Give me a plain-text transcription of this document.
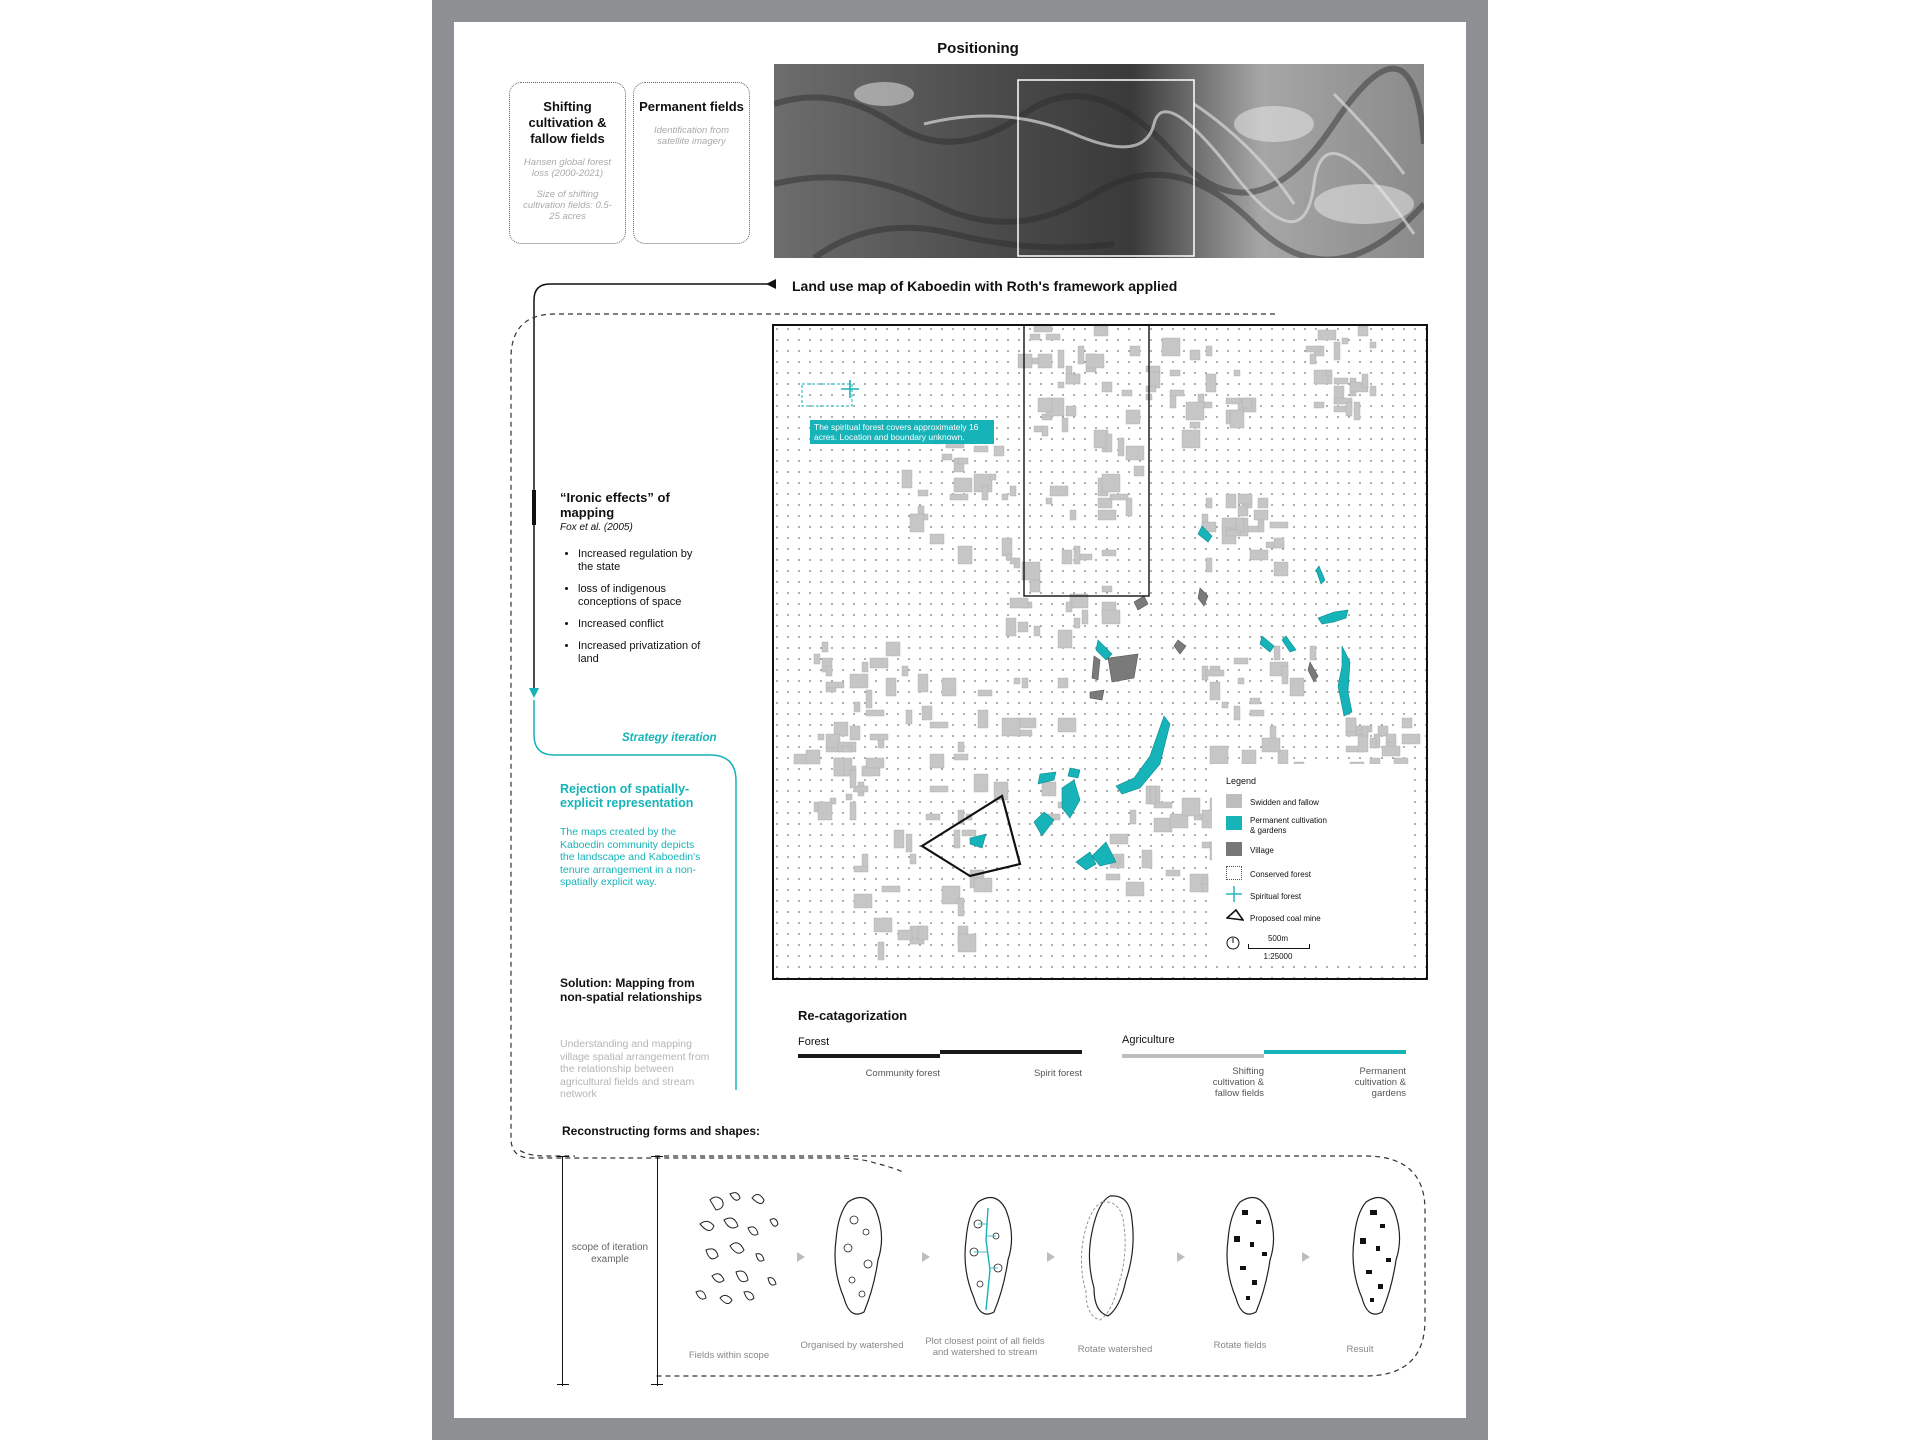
Positioning
Shifting cultivation & fallow fields

Hansen global forest loss (2000-2021)

Size of shifting cultivation fields: 0.5-25 acres

Permanent fields

Identification from satellite imagery

Land use map of Kaboedin with Roth's framework applied
The spiritual forest covers approximately 16 acres. Location and boundary unknown.
Legend
Swidden and fallow
Permanent cultivation & gardens
Village
Conserved forest
Spiritual forest
Proposed coal mine
500m
1:25000
“Ironic effects” of mapping
Fox et al. (2005)
• Increased regulation by the state
• loss of indigenous conceptions of space
• Increased conflict
• Increased privatization of land
Strategy iteration
Rejection of spatially-explicit representation
The maps created by the Kaboedin community depicts the landscape and Kaboedin's tenure arrangement in a non-spatially explicit way.
Solution: Mapping from non-spatial relationships
Understanding and mapping village spatial arrangement from the relationship between agricultural fields and stream network
Re-catagorization
Forest
Community forest	Spirit forest
Agriculture
Shifting cultivation & fallow fields
Permanent cultivation & gardens
Reconstructing forms and shapes:
scope of iteration example
Fields within scope
Organised by watershed	Plot closest point of all fields and watershed to stream	Rotate watershed	Rotate fields	Result
